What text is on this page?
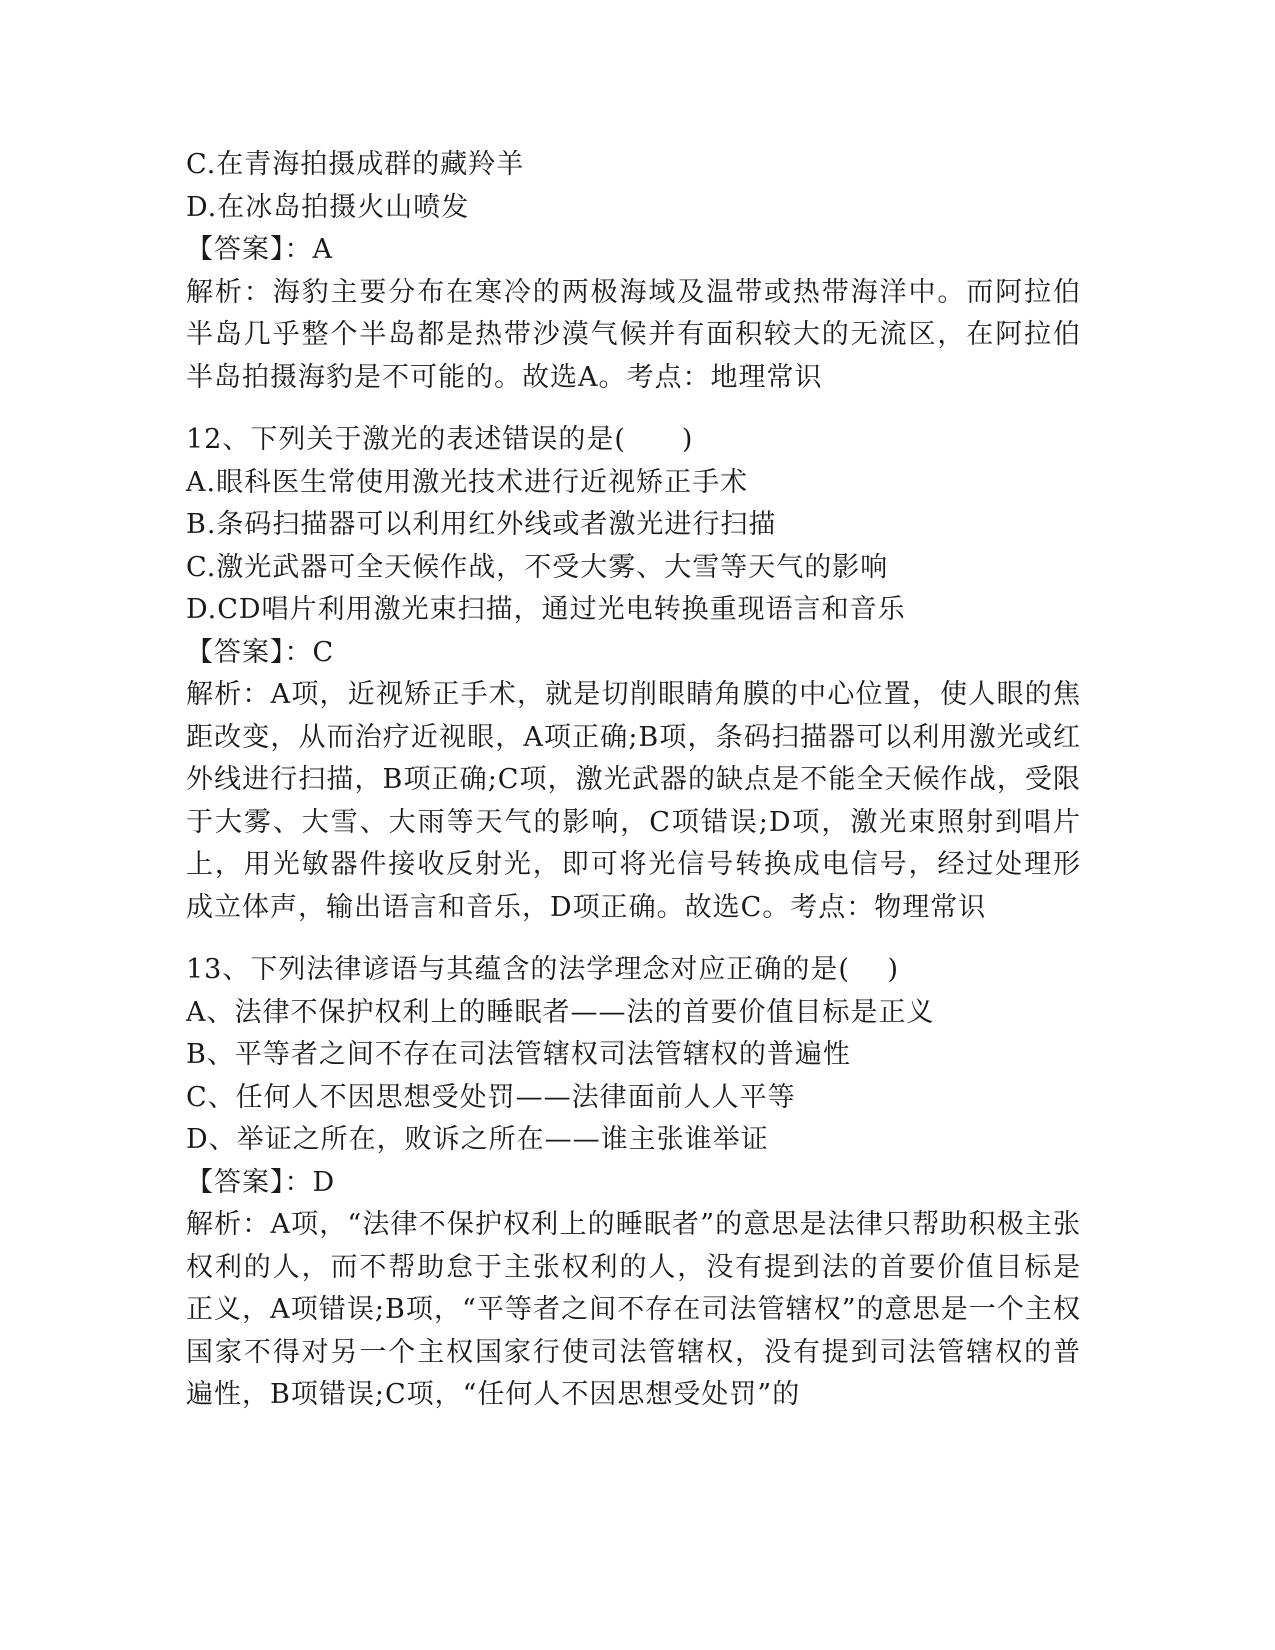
C.在青海拍摄成群的藏羚羊
D.在冰岛拍摄火山喷发
【答案】：A
解析：海豹主要分布在寒冷的两极海域及温带或热带海洋中。而阿拉伯半岛几乎整个半岛都是热带沙漠气候并有面积较大的无流区，在阿拉伯半岛拍摄海豹是不可能的。故选A。考点：地理常识
12、下列关于激光的表述错误的是(　　)
A.眼科医生常使用激光技术进行近视矫正手术
B.条码扫描器可以利用红外线或者激光进行扫描
C.激光武器可全天候作战，不受大雾、大雪等天气的影响
D.CD唱片利用激光束扫描，通过光电转换重现语言和音乐
【答案】：C
解析：A项，近视矫正手术，就是切削眼睛角膜的中心位置，使人眼的焦距改变，从而治疗近视眼，A项正确;B项，条码扫描器可以利用激光或红外线进行扫描，B项正确;C项，激光武器的缺点是不能全天候作战，受限于大雾、大雪、大雨等天气的影响，C项错误;D项，激光束照射到唱片上，用光敏器件接收反射光，即可将光信号转换成电信号，经过处理形成立体声，输出语言和音乐，D项正确。故选C。考点：物理常识
13、下列法律谚语与其蕴含的法学理念对应正确的是(　 )
A、法律不保护权利上的睡眠者——法的首要价值目标是正义
B、平等者之间不存在司法管辖权司法管辖权的普遍性
C、任何人不因思想受处罚——法律面前人人平等
D、举证之所在，败诉之所在——谁主张谁举证
【答案】：D
解析：A项，“法律不保护权利上的睡眠者”的意思是法律只帮助积极主张权利的人，而不帮助怠于主张权利的人，没有提到法的首要价值目标是正义，A项错误;B项，“平等者之间不存在司法管辖权”的意思是一个主权国家不得对另一个主权国家行使司法管辖权，没有提到司法管辖权的普遍性，B项错误;C项，“任何人不因思想受处罚”的
